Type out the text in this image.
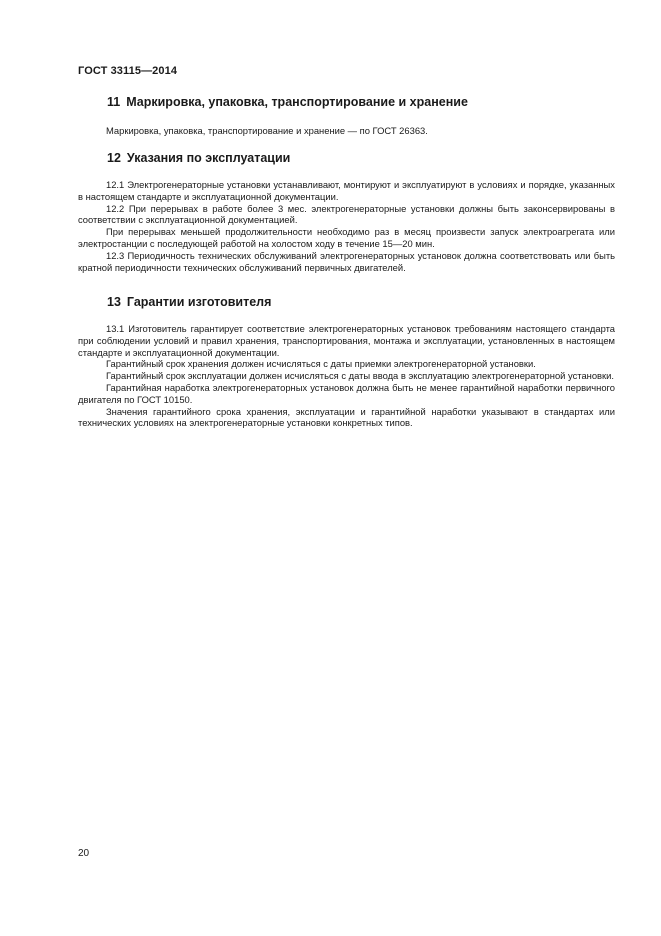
ГОСТ 33115—2014
11 Маркировка, упаковка, транспортирование и хранение

Маркировка, упаковка, транспортирование и хранение — по ГОСТ 26363.

12 Указания по эксплуатации

12.1 Электрогенераторные установки устанавливают, монтируют и эксплуатируют в условиях и порядке, указанных в настоящем стандарте и эксплуатационной документации.

12.2 При перерывах в работе более 3 мес. электрогенераторные установки должны быть законсервированы в соответствии с эксплуатационной документацией.

При перерывах меньшей продолжительности необходимо раз в месяц произвести запуск электроагрегата или электростанции с последующей работой на холостом ходу в течение 15—20 мин.

12.3 Периодичность технических обслуживаний электрогенераторных установок должна соответствовать или быть кратной периодичности технических обслуживаний первичных двигателей.

13 Гарантии изготовителя

13.1 Изготовитель гарантирует соответствие электрогенераторных установок требованиям настоящего стандарта при соблюдении условий и правил хранения, транспортирования, монтажа и эксплуатации, установленных в настоящем стандарте и эксплуатационной документации.

Гарантийный срок хранения должен исчисляться с даты приемки электрогенераторной установки.

Гарантийный срок эксплуатации должен исчисляться с даты ввода в эксплуатацию электрогенераторной установки.

Гарантийная наработка электрогенераторных установок должна быть не менее гарантийной наработки первичного двигателя по ГОСТ 10150.

Значения гарантийного срока хранения, эксплуатации и гарантийной наработки указывают в стандартах или технических условиях на электрогенераторные установки конкретных типов.

20
